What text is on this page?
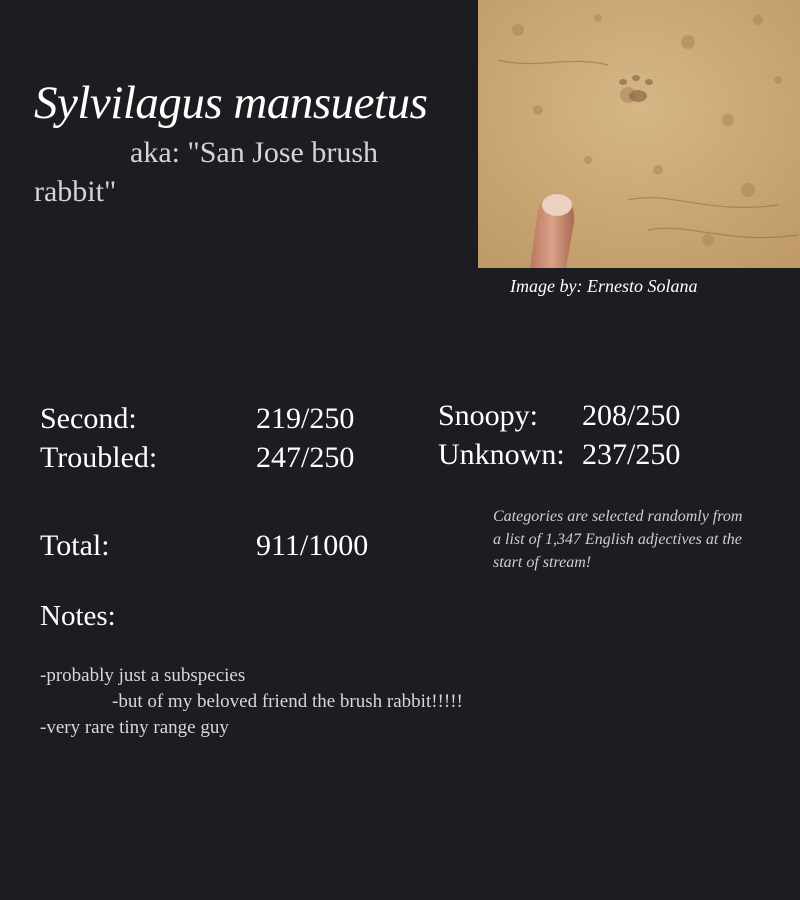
Sylvilagus mansuetus
aka: "San Jose brush rabbit"
Image by: Ernesto Solana
Second:	219/250
Troubled:	247/250
Snoopy: 208/250
Unknown: 237/250
Total:	911/1000
Categories are selected randomly from a list of 1,347 English adjectives at the start of stream!
Notes:
-probably just a subspecies
-but of my beloved friend the brush rabbit!!!!!
-very rare tiny range guy
